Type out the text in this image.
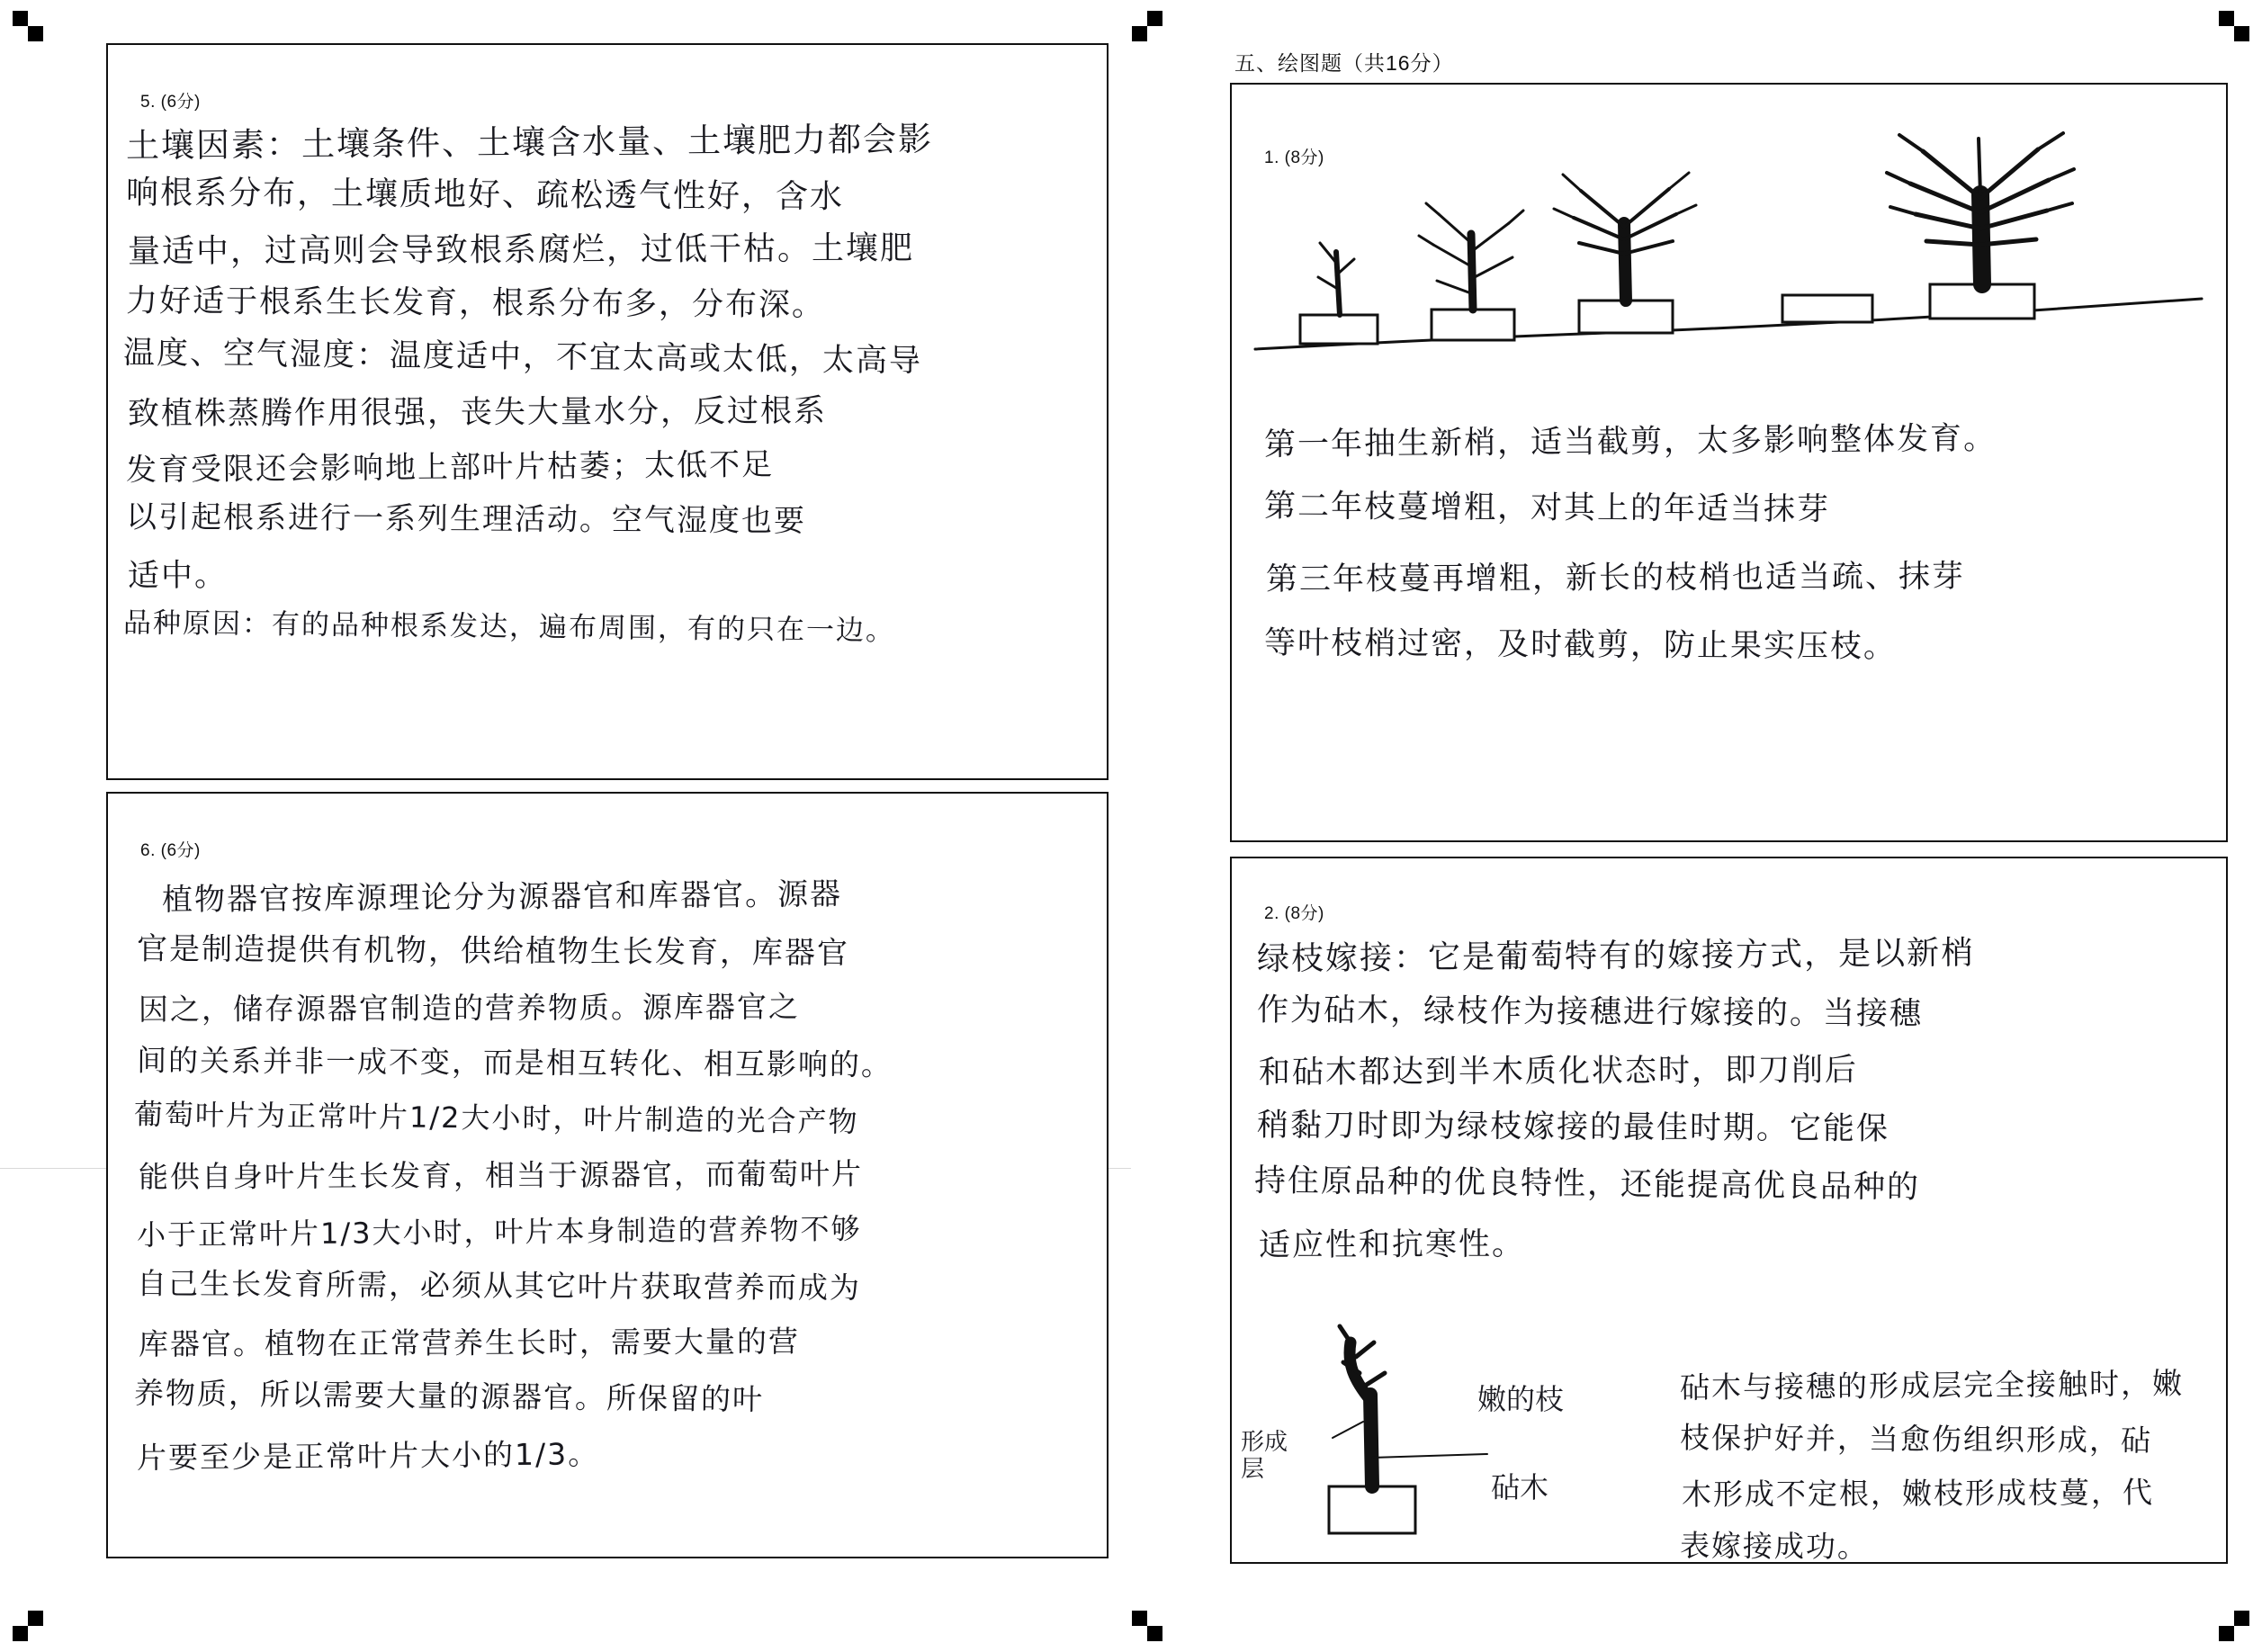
5. (6分)
土壤因素：土壤条件、土壤含水量、土壤肥力都会影
响根系分布，土壤质地好、疏松透气性好，含水
量适中，过高则会导致根系腐烂，过低干枯。土壤肥
力好适于根系生长发育，根系分布多，分布深。
温度、空气湿度：温度适中，不宜太高或太低，太高导
致植株蒸腾作用很强，丧失大量水分，反过根系
发育受限还会影响地上部叶片枯萎；太低不足
以引起根系进行一系列生理活动。空气湿度也要
适中。
品种原因：有的品种根系发达，遍布周围，有的只在一边。
6. (6分)
植物器官按库源理论分为源器官和库器官。源器
官是制造提供有机物，供给植物生长发育，库器官
因之，储存源器官制造的营养物质。源库器官之
间的关系并非一成不变，而是相互转化、相互影响的。
葡萄叶片为正常叶片1/2大小时，叶片制造的光合产物
能供自身叶片生长发育，相当于源器官，而葡萄叶片
小于正常叶片1/3大小时，叶片本身制造的营养物不够
自己生长发育所需，必须从其它叶片获取营养而成为
库器官。植物在正常营养生长时，需要大量的营
养物质，所以需要大量的源器官。所保留的叶
片要至少是正常叶片大小的1/3。
五、绘图题（共16分）
1. (8分)
第一年抽生新梢，适当截剪，太多影响整体发育。
第二年枝蔓增粗，对其上的年适当抹芽
第三年枝蔓再增粗，新长的枝梢也适当疏、抹芽
等叶枝梢过密，及时截剪，防止果实压枝。
2. (8分)
绿枝嫁接：它是葡萄特有的嫁接方式，是以新梢
作为砧木，绿枝作为接穗进行嫁接的。当接穗
和砧木都达到半木质化状态时，即刀削后
稍黏刀时即为绿枝嫁接的最佳时期。它能保
持住原品种的优良特性，还能提高优良品种的
适应性和抗寒性。
嫩的枝
砧木
形成层
砧木与接穗的形成层完全接触时，嫩
枝保护好并，当愈伤组织形成，砧
木形成不定根，嫩枝形成枝蔓，代
表嫁接成功。
